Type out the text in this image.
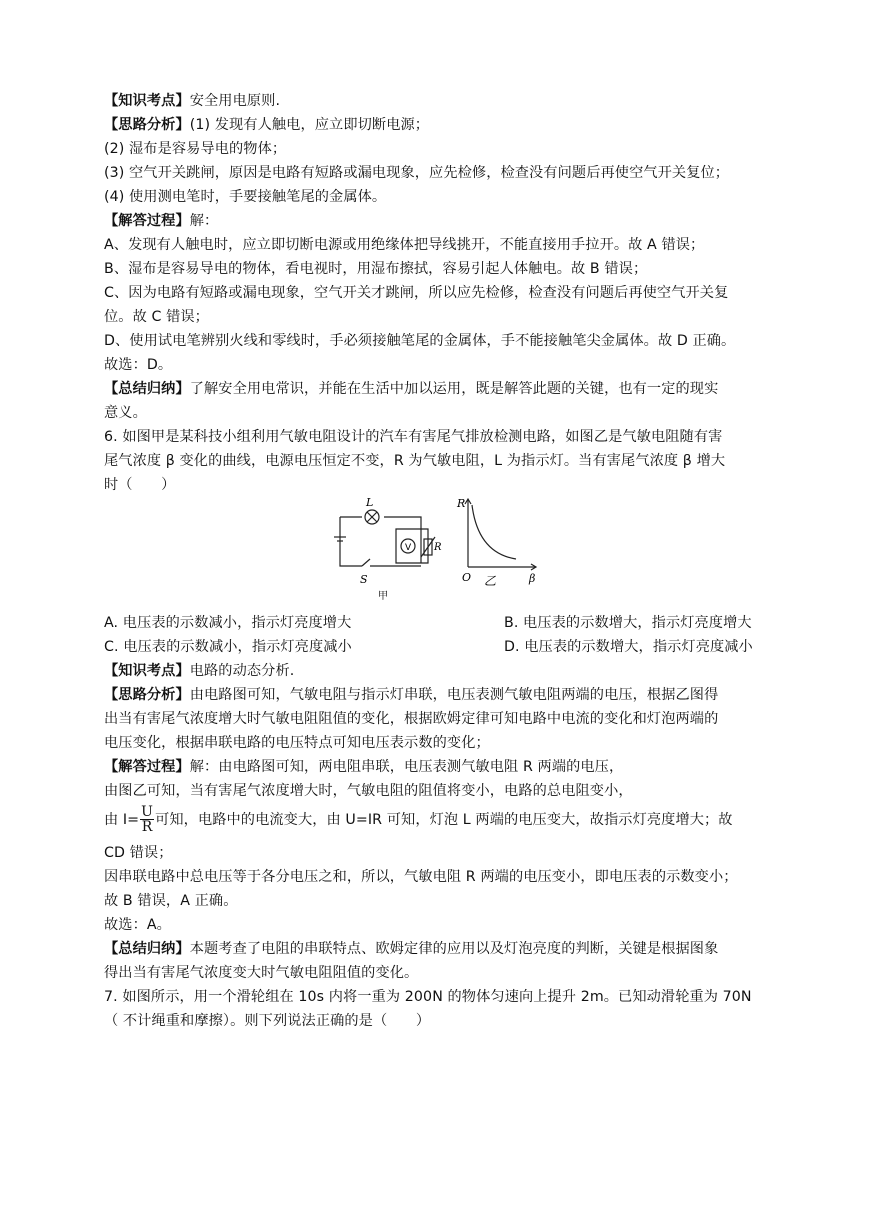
【知识考点】安全用电原则.
【思路分析】(1) 发现有人触电，应立即切断电源；
(2) 湿布是容易导电的物体；
(3) 空气开关跳闸，原因是电路有短路或漏电现象，应先检修，检查没有问题后再使空气开关复位；
(4) 使用测电笔时，手要接触笔尾的金属体。
【解答过程】解：
A、发现有人触电时，应立即切断电源或用绝缘体把导线挑开，不能直接用手拉开。故 A 错误；
B、湿布是容易导电的物体，看电视时，用湿布擦拭，容易引起人体触电。故 B 错误；
C、因为电路有短路或漏电现象，空气开关才跳闸，所以应先检修，检查没有问题后再使空气开关复
位。故 C 错误；
D、使用试电笔辨别火线和零线时，手必须接触笔尾的金属体，手不能接触笔尖金属体。故 D 正确。
故选：D。
【总结归纳】了解安全用电常识，并能在生活中加以运用，既是解答此题的关键，也有一定的现实
意义。
6. 如图甲是某科技小组利用气敏电阻设计的汽车有害尾气排放检测电路，如图乙是气敏电阻随有害
尾气浓度 β 变化的曲线，电源电压恒定不变，R 为气敏电阻，L 为指示灯。当有害尾气浓度 β 增大
时（　　）
L
V R
S
甲
R
β
O 乙
A. 电压表的示数减小，指示灯亮度增大	B. 电压表的示数增大，指示灯亮度增大
C. 电压表的示数减小，指示灯亮度减小	D. 电压表的示数增大，指示灯亮度减小
【知识考点】电路的动态分析.
【思路分析】由电路图可知，气敏电阻与指示灯串联，电压表测气敏电阻两端的电压，根据乙图得
出当有害尾气浓度增大时气敏电阻阻值的变化，根据欧姆定律可知电路中电流的变化和灯泡两端的
电压变化，根据串联电路的电压特点可知电压表示数的变化；
【解答过程】解：由电路图可知，两电阻串联，电压表测气敏电阻 R 两端的电压，
由图乙可知，当有害尾气浓度增大时，气敏电阻的阻值将变小，电路的总电阻变小，
由 $I= \frac{U}{R}$ 可知，电路中的电流变大，由 U=IR 可知，灯泡 L 两端的电压变大，故指示灯亮度增大；故
CD 错误；
因串联电路中总电压等于各分电压之和，所以，气敏电阻 R 两端的电压变小，即电压表的示数变小；
故 B 错误，A 正确。
故选：A。
【总结归纳】本题考查了电阻的串联特点、欧姆定律的应用以及灯泡亮度的判断，关键是根据图象
得出当有害尾气浓度变大时气敏电阻阻值的变化。
7. 如图所示，用一个滑轮组在 10s 内将一重为 200N 的物体匀速向上提升 2m。已知动滑轮重为 70N
（ 不计绳重和摩擦）。则下列说法正确的是（　　）
